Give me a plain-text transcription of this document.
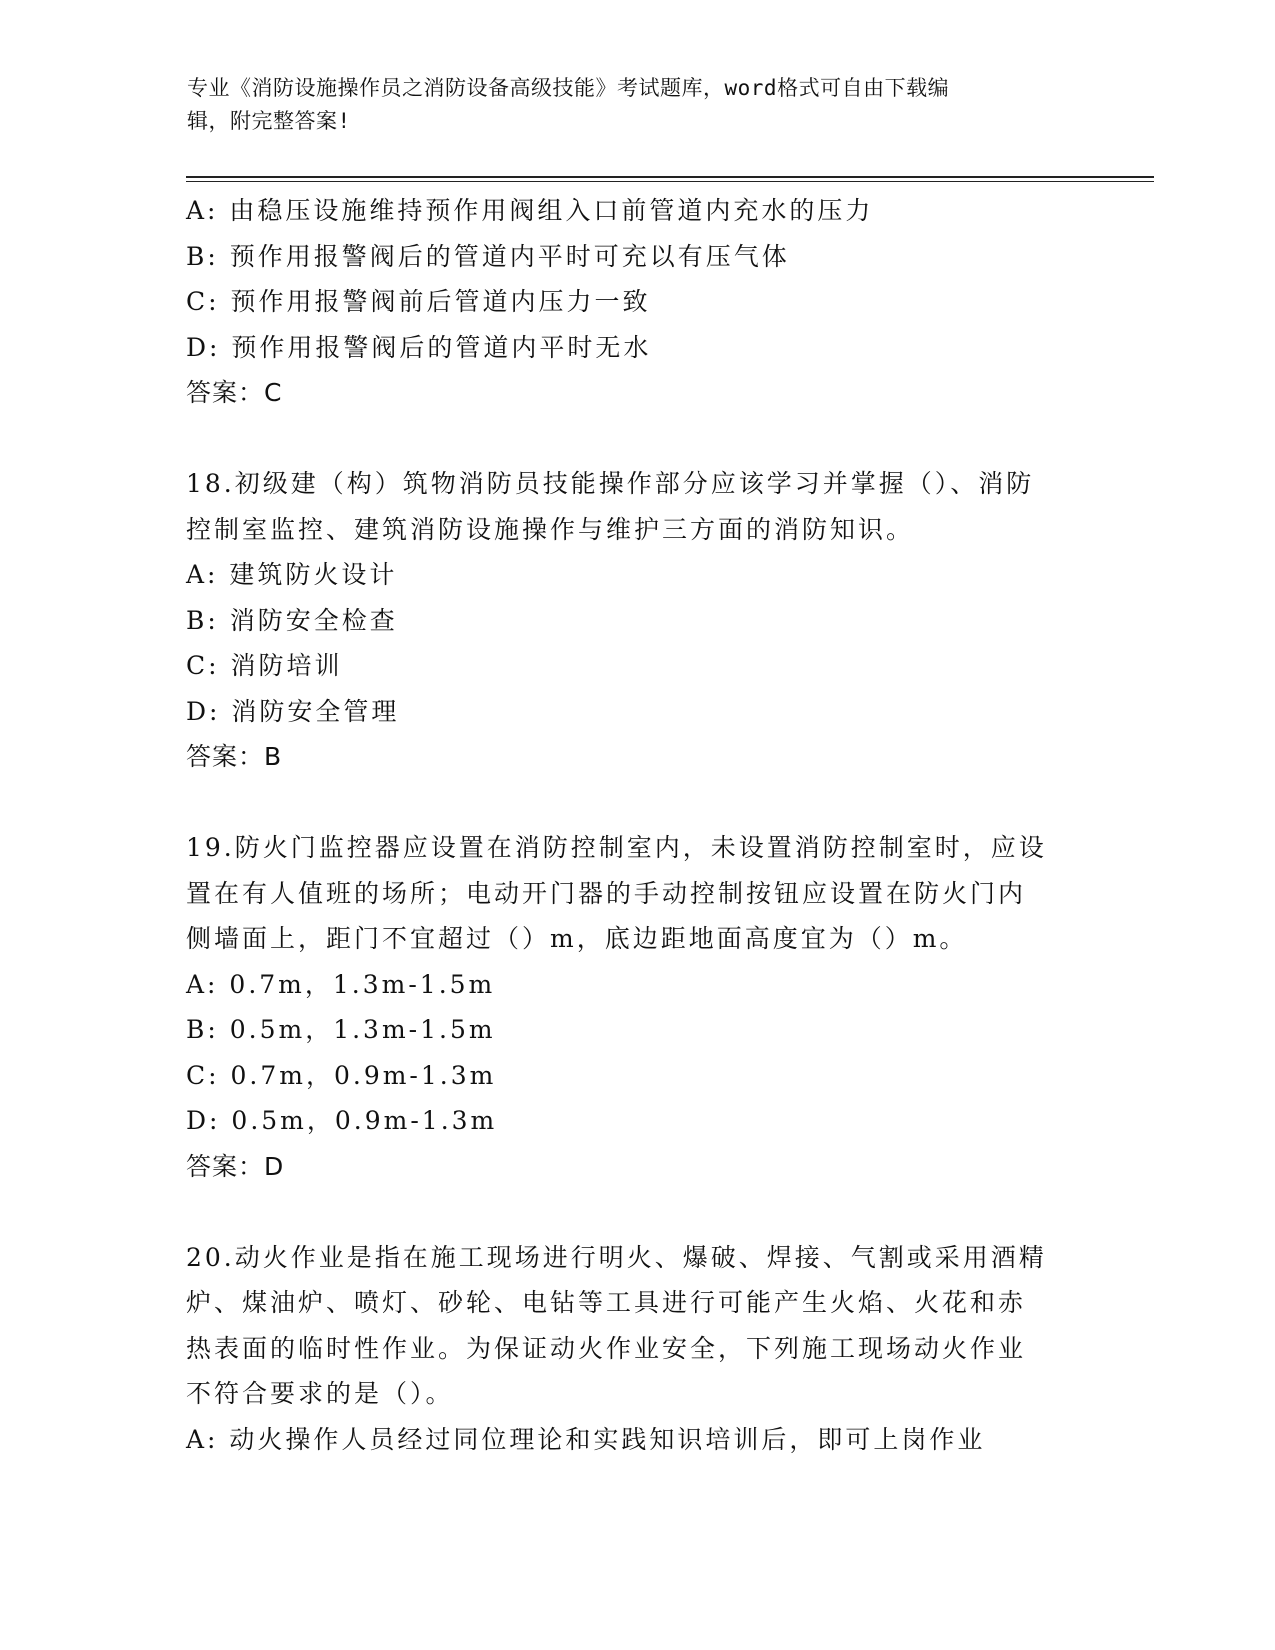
专业《消防设施操作员之消防设备高级技能》考试题库，word格式可自由下载编
辑，附完整答案!
A: 由稳压设施维持预作用阀组入口前管道内充水的压力
B: 预作用报警阀后的管道内平时可充以有压气体
C: 预作用报警阀前后管道内压力一致
D: 预作用报警阀后的管道内平时无水
答案：C
18.初级建（构）筑物消防员技能操作部分应该学习并掌握（）、消防
控制室监控、建筑消防设施操作与维护三方面的消防知识。
A: 建筑防火设计
B: 消防安全检查
C: 消防培训
D: 消防安全管理
答案：B
19.防火门监控器应设置在消防控制室内，未设置消防控制室时，应设
置在有人值班的场所；电动开门器的手动控制按钮应设置在防火门内
侧墙面上，距门不宜超过（）m，底边距地面高度宜为（）m。
A: 0.7m，1.3m-1.5m
B: 0.5m，1.3m-1.5m
C: 0.7m，0.9m-1.3m
D: 0.5m，0.9m-1.3m
答案：D
20.动火作业是指在施工现场进行明火、爆破、焊接、气割或采用酒精
炉、煤油炉、喷灯、砂轮、电钻等工具进行可能产生火焰、火花和赤
热表面的临时性作业。为保证动火作业安全，下列施工现场动火作业
不符合要求的是（）。
A: 动火操作人员经过同位理论和实践知识培训后，即可上岗作业
